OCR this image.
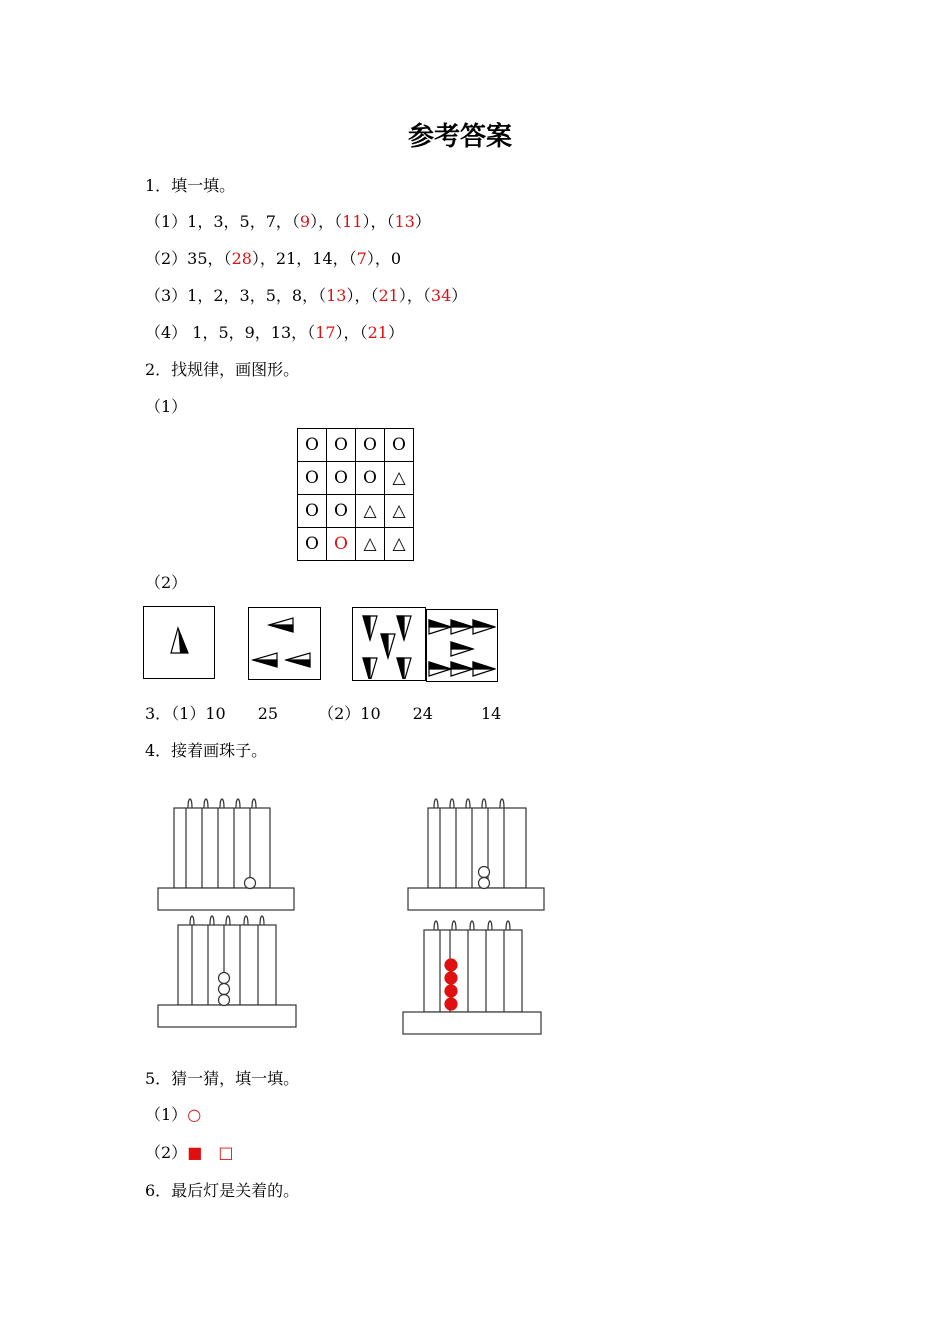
参考答案
1．填一填。
（1）1，3，5，7，（9），（11），（13）
（2）35，（28），21，14，（7），0
（3）1，2，3，5，8，（13），（21），（34）
（4） 1，5，9，13，（17），（21）
2．找规律，画图形。
（1）
O	O	O	O
O	O	O	△
O	O	△	△
O	O	△	△
（2）
3．（1）10　　25　　　（2）10　　24　　　14
4．接着画珠子。
5．猜一猜，填一填。
（1）○
（2）■ □
6．最后灯是关着的。
